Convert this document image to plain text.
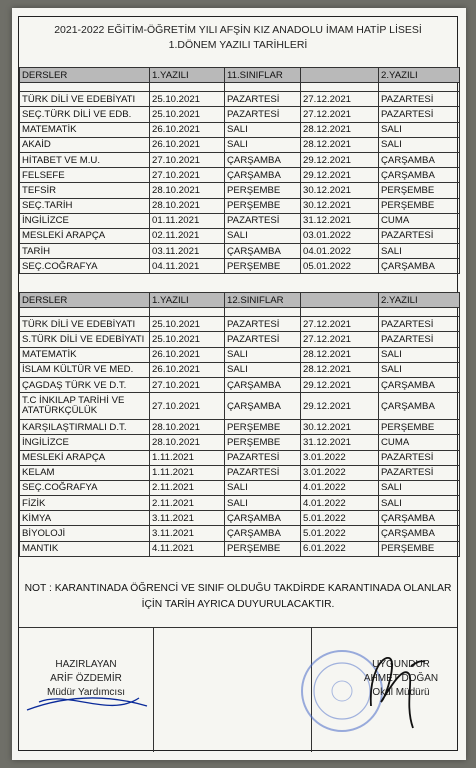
2021-2022 EĞİTİM-ÖĞRETİM YILI AFŞİN KIZ ANADOLU İMAM HATİP LİSESİ
1.DÖNEM YAZILI TARİHLERİ
DERSLER	1.YAZILI	11.SINIFLAR		2.YAZILI

TÜRK DİLİ VE EDEBİYATI	25.10.2021	PAZARTESİ	27.12.2021	PAZARTESİ
SEÇ.TÜRK DİLİ VE EDB.	25.10.2021	PAZARTESİ	27.12.2021	PAZARTESİ
MATEMATİK	26.10.2021	SALI	28.12.2021	SALI
AKAİD	26.10.2021	SALI	28.12.2021	SALI
HİTABET VE M.U.	27.10.2021	ÇARŞAMBA	29.12.2021	ÇARŞAMBA
FELSEFE	27.10.2021	ÇARŞAMBA	29.12.2021	ÇARŞAMBA
TEFSİR	28.10.2021	PERŞEMBE	30.12.2021	PERŞEMBE
SEÇ.TARİH	28.10.2021	PERŞEMBE	30.12.2021	PERŞEMBE
İNGİLİZCE	01.11.2021	PAZARTESİ	31.12.2021	CUMA
MESLEKİ ARAPÇA	02.11.2021	SALI	03.01.2022	PAZARTESİ
TARİH	03.11.2021	ÇARŞAMBA	04.01.2022	SALI
SEÇ.COĞRAFYA	04.11.2021	PERŞEMBE	05.01.2022	ÇARŞAMBA
DERSLER	1.YAZILI	12.SINIFLAR		2.YAZILI

TÜRK DİLİ VE EDEBİYATI	25.10.2021	PAZARTESİ	27.12.2021	PAZARTESİ
S.TÜRK DİLİ VE EDEBİYATI	25.10.2021	PAZARTESİ	27.12.2021	PAZARTESİ
MATEMATİK	26.10.2021	SALI	28.12.2021	SALI
İSLAM KÜLTÜR VE MED.	26.10.2021	SALI	28.12.2021	SALI
ÇAGDAŞ TÜRK VE D.T.	27.10.2021	ÇARŞAMBA	29.12.2021	ÇARŞAMBA
T.C İNKILAP TARİHİ VE ATATÜRKÇÜLÜK	27.10.2021	ÇARŞAMBA	29.12.2021	ÇARŞAMBA
KARŞILAŞTIRMALI D.T.	28.10.2021	PERŞEMBE	30.12.2021	PERŞEMBE
İNGİLİZCE	28.10.2021	PERŞEMBE	31.12.2021	CUMA
MESLEKİ ARAPÇA	1.11.2021	PAZARTESİ	3.01.2022	PAZARTESİ
KELAM	1.11.2021	PAZARTESİ	3.01.2022	PAZARTESİ
SEÇ.COĞRAFYA	2.11.2021	SALI	4.01.2022	SALI
FİZİK	2.11.2021	SALI	4.01.2022	SALI
KİMYA	3.11.2021	ÇARŞAMBA	5.01.2022	ÇARŞAMBA
BİYOLOJİ	3.11.2021	ÇARŞAMBA	5.01.2022	ÇARŞAMBA
MANTIK	4.11.2021	PERŞEMBE	6.01.2022	PERŞEMBE
NOT : KARANTINADA ÖĞRENCİ VE SINIF OLDUĞU TAKDİRDE KARANTINADA OLANLAR
İÇİN TARİH AYRICA DUYURULACAKTIR.
HAZIRLAYAN
ARİF ÖZDEMİR
Müdür Yardımcısı
UYGUNDUR
AHMET DOĞAN
Okul Müdürü
